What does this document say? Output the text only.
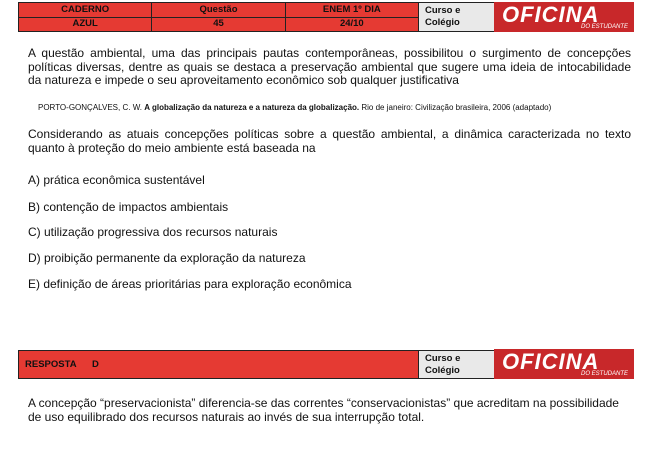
CADERNO	Questão	ENEM 1º DIA	Curso e
Colégio

AZUL	45	24/10		OFICINA
DO ESTUDANTE
A questão ambiental, uma das principais pautas contemporâneas, possibilitou o surgimento de concepções políticas diversas, dentre as quais se destaca a preservação ambiental que sugere uma ideia de intocabilidade da natureza e impede o seu aproveitamento econômico sob qualquer justificativa
PORTO-GONÇALVES, C. W. A globalização da natureza e a natureza da globalização. Rio de janeiro: Civilização brasileira, 2006 (adaptado)
Considerando as atuais concepções políticas sobre a questão ambiental, a dinâmica caracterizada no texto quanto à proteção do meio ambiente está baseada na
A) prática econômica sustentável
B) contenção de impactos ambientais
C) utilização progressiva dos recursos naturais
D) proibição permanente da exploração da natureza
E) definição de áreas prioritárias para exploração econômica
RESPOSTA D	
Curso e
Colégio	OFICINA
DO ESTUDANTE
A concepção “preservacionista” diferencia-se das correntes “conservacionistas” que acreditam na possibilidade de uso equilibrado dos recursos naturais ao invés de sua interrupção total.
